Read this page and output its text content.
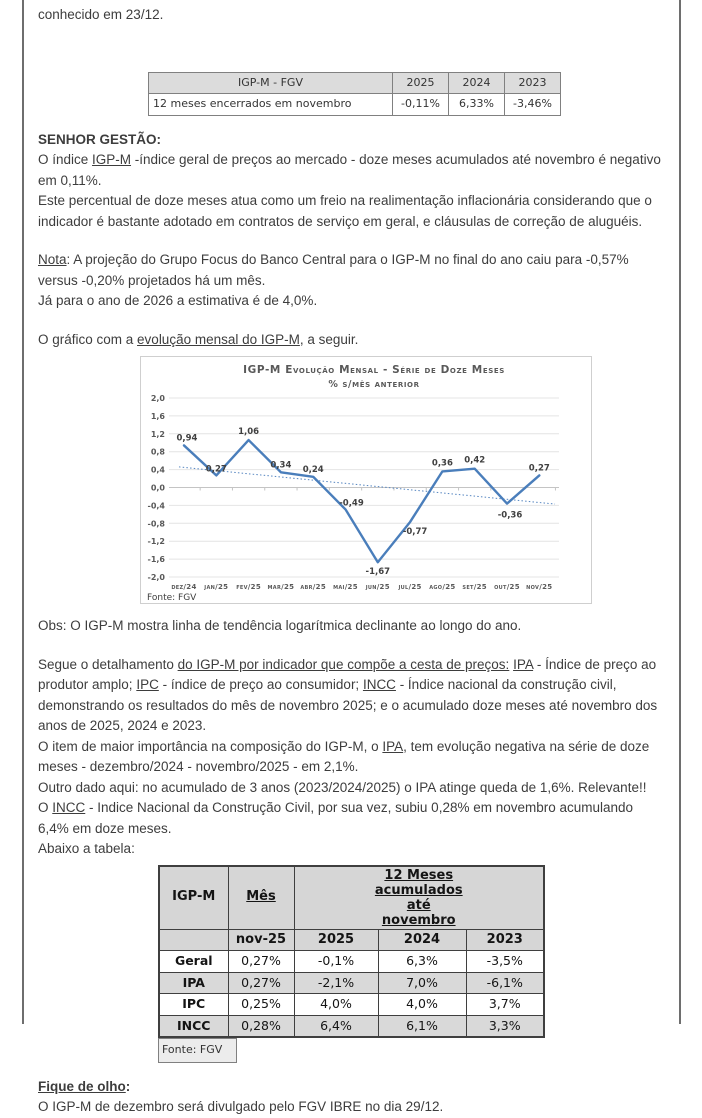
conhecido em 23/12.

IGP-M - FGV	2025	2024	2023
12 meses encerrados em novembro	-0,11%	6,33%	-3,46%

SENHOR GESTÃO:

O índice IGP-M -índice geral de preços ao mercado - doze meses acumulados até novembro é negativo em 0,11%.

Este percentual de doze meses atua como um freio na realimentação inflacionária considerando que o indicador é bastante adotado em contratos de serviço em geral, e cláusulas de correção de aluguéis.

Nota: A projeção do Grupo Focus do Banco Central para o IGP-M no final do ano caiu para -0,57% versus -0,20% projetados há um mês.

Já para o ano de 2026 a estimativa é de 4,0%.

O gráfico com a evolução mensal do IGP-M, a seguir.

IGP-M Evolução Mensal - Série de Doze Meses
% s/mês anterior
2,0
1,6
1,2
0,8
0,4
0,0
-0,4
-0,8
-1,2
-1,6
-2,0
0,94
0,27
1,06
0,34 0,24
-0,49
-1,67
-0,77
0,36 0,42
-0,36
0,27
dez/24 jan/25 fev/25 mar/25 abr/25 mai/25 jun/25 jul/25 ago/25 set/25 out/25 nov/25
Fonte: FGV

Obs: O IGP-M mostra linha de tendência logarítmica declinante ao longo do ano.

Segue o detalhamento do IGP-M por indicador que compõe a cesta de preços: IPA - Índice de preço ao produtor amplo; IPC - índice de preço ao consumidor; INCC - Índice nacional da construção civil, demonstrando os resultados do mês de novembro 2025; e o acumulado doze meses até novembro dos anos de 2025, 2024 e 2023.

O item de maior importância na composição do IGP-M, o IPA, tem evolução negativa na série de doze meses - dezembro/2024 - novembro/2025 - em 2,1%.

Outro dado aqui: no acumulado de 3 anos (2023/2024/2025) o IPA atinge queda de 1,6%. Relevante!!

O INCC - Indice Nacional da Construção Civil, por sua vez, subiu 0,28% em novembro acumulando 6,4% em doze meses.

Abaixo a tabela:

IGP-M	Mês	12 Meses
acumulados
até
novembro		

	nov-25	2025	2024	2023
Geral	0,27%	-0,1%	6,3%	-3,5%
IPA	0,27%	-2,1%	7,0%	-6,1%
IPC	0,25%	4,0%	4,0%	3,7%
INCC	0,28%	6,4%	6,1%	3,3%
Fonte: FGV

Fique de olho:

O IGP-M de dezembro será divulgado pelo FGV IBRE no dia 29/12.
